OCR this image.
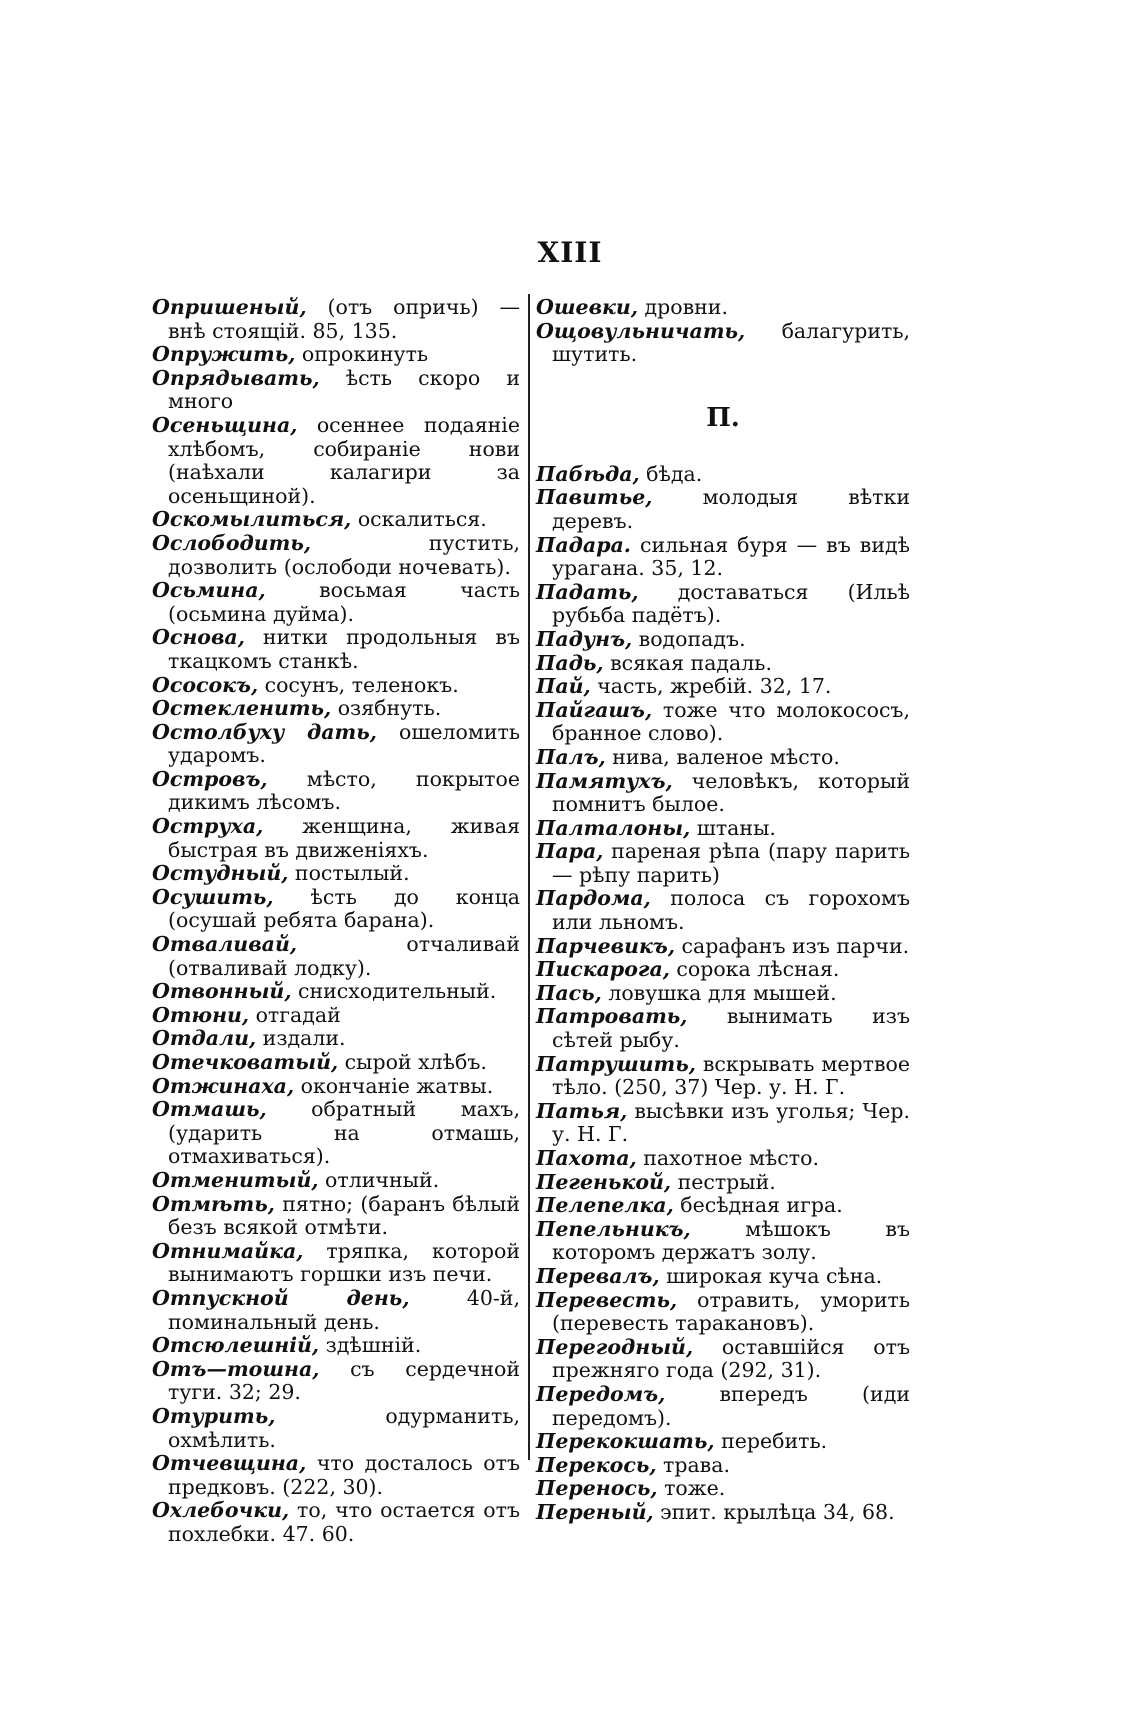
XIII

Опришеный, (отъ опричь) — внѣ стоящій. 85, 135.

Опружить, опрокинуть

Опрядывать, ѣсть скоро и много

Осеньщина, осеннее подаяніе хлѣбомъ, собираніе нови (наѣхали калагири за осеньщиной).

Оскомылиться, оскалиться.

Ослободить, пустить, дозволить (ослободи ночевать).

Осьмина, восьмая часть (осьмина дуйма).

Основа, нитки продольныя въ ткацкомъ станкѣ.

Ососокъ, сосунъ, теленокъ.

Остекленить, озябнуть.

Остолбуху дать, ошеломить ударомъ.

Островъ, мѣсто, покрытое дикимъ лѣсомъ.

Оструха, женщина, живая быстрая въ движеніяхъ.

Остудный, постылый.

Осушить, ѣсть до конца (осушай ребята барана).

Отваливай, отчаливай (отваливай лодку).

Отвонный, снисходительный.

Отюни, отгадай

Отдали, издали.

Отечковатый, сырой хлѣбъ.

Отжинаха, окончаніе жатвы.

Отмашь, обратный махъ, (ударить на отмашь, отмахиваться).

Отменитый, отличный.

Отмѣть, пятно; (баранъ бѣлый безъ всякой отмѣти.

Отнимайка, тряпка, которой вынимаютъ горшки изъ печи.

Отпускной день, 40-й, поминальный день.

Отсюлешній, здѣшній.

Отъ—тошна, съ сердечной туги. 32; 29.

Отурить, одурманить, охмѣлить.

Отчевщина, что досталось отъ предковъ. (222, 30).

Охлебочки, то, что остается отъ похлебки. 47. 60.

Ошевки, дровни.

Ощовульничать, балагурить, шутить.

П.

Пабѣда, бѣда.

Павитье, молодыя вѣтки деревъ.

Падара. сильная буря — въ видѣ урагана. 35, 12.

Падать, доставаться (Ильѣ рубьба падётъ).

Падунъ, водопадъ.

Падь, всякая падаль.

Пай, часть, жребій. 32, 17.

Пайгашъ, тоже что молокососъ, бранное слово).

Палъ, нива, валеное мѣсто.

Памятухъ, человѣкъ, который помнитъ былое.

Палталоны, штаны.

Пара, пареная рѣпа (пару парить— рѣпу парить)

Пардома, полоса съ горохомъ или льномъ.

Парчевикъ, сарафанъ изъ парчи.

Пискарога, сорока лѣсная.

Пась, ловушка для мышей.

Патровать, вынимать изъ сѣтей рыбу.

Патрушить, вскрывать мертвое тѣло. (250, 37) Чер. у. Н. Г.

Патья, высѣвки изъ уголья; Чер. у. Н. Г.

Пахота, пахотное мѣсто.

Пегенькой, пестрый.

Пелепелка, бесѣдная игра.

Пепельникъ, мѣшокъ въ которомъ держатъ золу.

Перевалъ, широкая куча сѣна.

Перевесть, отравить, уморить (перевесть таракановъ).

Перегодный, оставшійся отъ прежняго года (292, 31).

Передомъ, впередъ (иди передомъ).

Перекокшать, перебить.

Перекось, трава.

Перенось, тоже.

Переный, эпит. крылѣца 34, 68.
